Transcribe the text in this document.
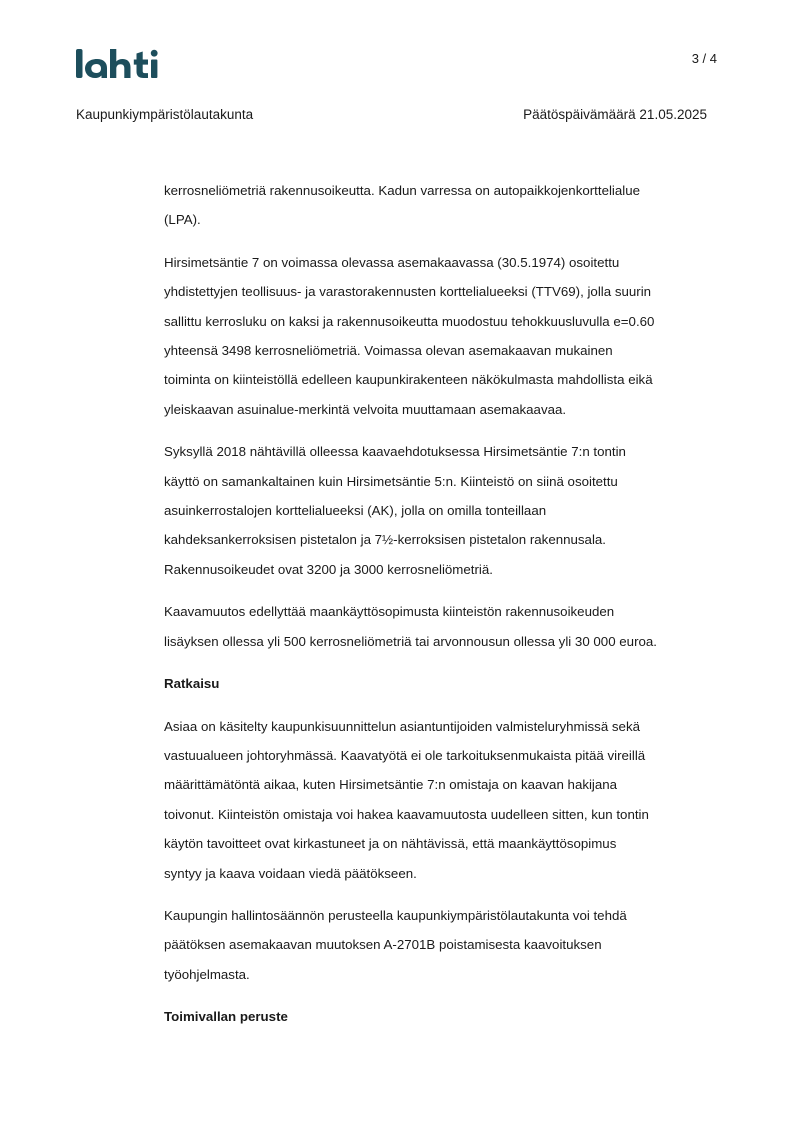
3 / 4
Kaupunkiympäristölautakunta	Päätöspäivämäärä 21.05.2025
kerrosneliömetriä rakennusoikeutta. Kadun varressa on autopaikkojenkorttelialue
(LPA).
Hirsimetsäntie 7 on voimassa olevassa asemakaavassa (30.5.1974) osoitettu
yhdistettyjen teollisuus- ja varastorakennusten korttelialueeksi (TTV69), jolla suurin
sallittu kerrosluku on kaksi ja rakennusoikeutta muodostuu tehokkuusluvulla e=0.60
yhteensä 3498 kerrosneliömetriä. Voimassa olevan asemakaavan mukainen
toiminta on kiinteistöllä edelleen kaupunkirakenteen näkökulmasta mahdollista eikä
yleiskaavan asuinalue-merkintä velvoita muuttamaan asemakaavaa.
Syksyllä 2018 nähtävillä olleessa kaavaehdotuksessa Hirsimetsäntie 7:n tontin
käyttö on samankaltainen kuin Hirsimetsäntie 5:n. Kiinteistö on siinä osoitettu
asuinkerrostalojen korttelialueeksi (AK), jolla on omilla tonteillaan
kahdeksankerroksisen pistetalon ja 7½-kerroksisen pistetalon rakennusala.
Rakennusoikeudet ovat 3200 ja 3000 kerrosneliömetriä.
Kaavamuutos edellyttää maankäyttösopimusta kiinteistön rakennusoikeuden
lisäyksen ollessa yli 500 kerrosneliömetriä tai arvonnousun ollessa yli 30 000 euroa.
Ratkaisu
Asiaa on käsitelty kaupunkisuunnittelun asiantuntijoiden valmisteluryhmissä sekä
vastuualueen johtoryhmässä. Kaavatyötä ei ole tarkoituksenmukaista pitää vireillä
määrittämätöntä aikaa, kuten Hirsimetsäntie 7:n omistaja on kaavan hakijana
toivonut. Kiinteistön omistaja voi hakea kaavamuutosta uudelleen sitten, kun tontin
käytön tavoitteet ovat kirkastuneet ja on nähtävissä, että maankäyttösopimus
syntyy ja kaava voidaan viedä päätökseen.
Kaupungin hallintosäännön perusteella kaupunkiympäristölautakunta voi tehdä
päätöksen asemakaavan muutoksen A-2701B poistamisesta kaavoituksen
työohjelmasta.
Toimivallan peruste
